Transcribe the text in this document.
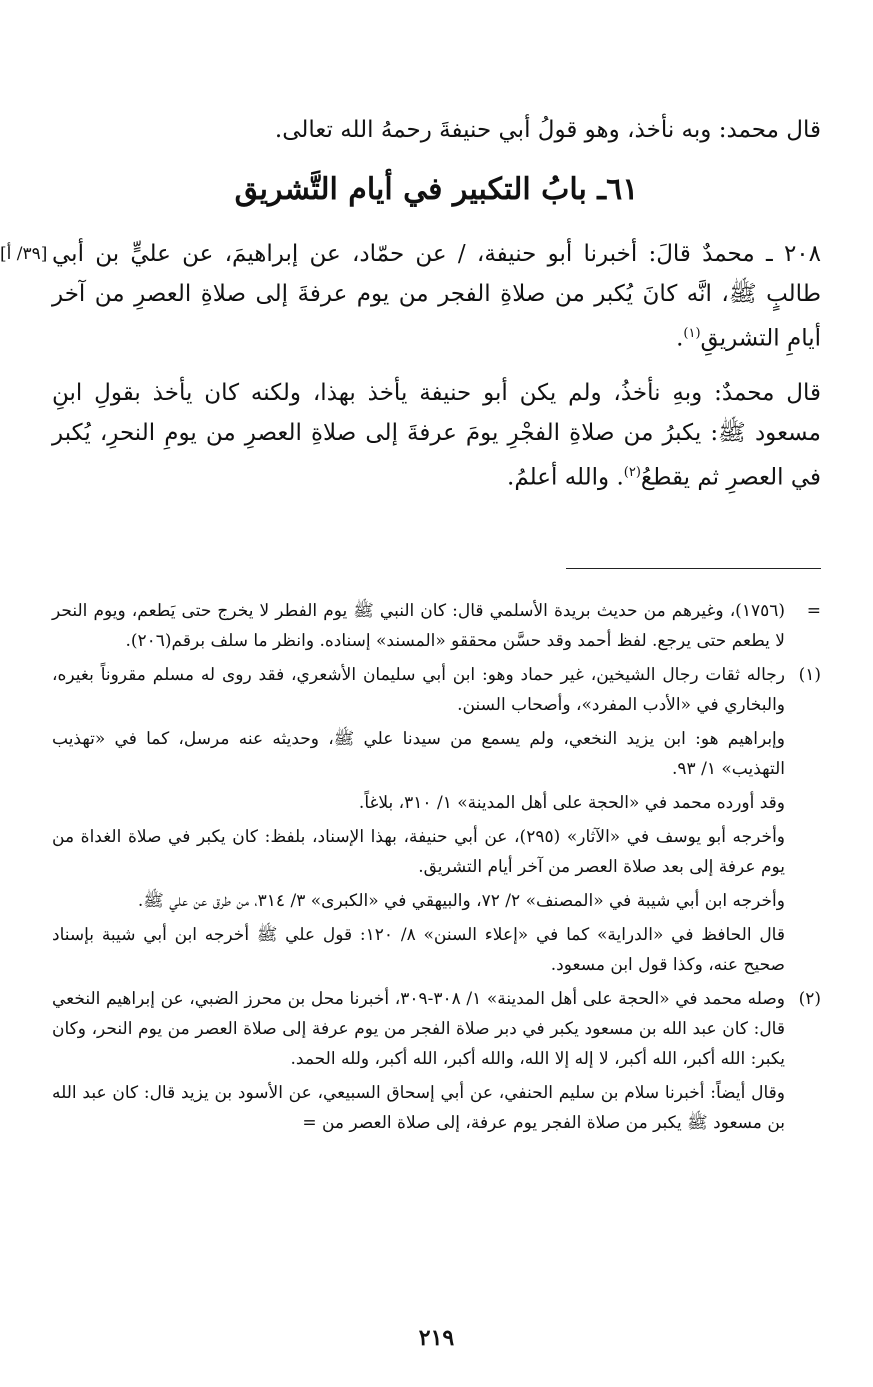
قال محمد: وبه نأخذ، وهو قولُ أبي حنيفةَ رحمهُ الله تعالى.

٦١ـ بابُ التكبير في أيام التَّشريق
[٣٩/ أ] ٢٠٨ ـ محمدٌ قالَ: أخبرنا أبو حنيفة، / عن حمّاد، عن إبراهيمَ، عن عليٍّ بن أبي طالبٍ ﷺ، انَّه كانَ يُكبر من صلاةِ الفجر من يوم عرفةَ إلى صلاةِ العصرِ من آخر أيامِ التشريقِ$^{(١)}$.

قال محمدٌ: وبهِ نأخذُ، ولم يكن أبو حنيفة يأخذ بهذا، ولكنه كان يأخذ بقولِ ابنِ مسعود ﷺ: يكبرُ من صلاةِ الفجْرِ يومَ عرفةَ إلى صلاةِ العصرِ من يومِ النحرِ، يُكبر في العصرِ ثم يقطعُ$^{(٢)}$. والله أعلمُ.

=
(١٧٥٦)، وغيرهم من حديث بريدة الأسلمي قال: كان النبي ﷺ يوم الفطر لا يخرج حتى يَطعم، ويوم النحر لا يطعم حتى يرجع. لفظ أحمد وقد حسَّن محققو «المسند» إسناده. وانظر ما سلف برقم(٢٠٦).
(١)
رجاله ثقات رجال الشيخين، غير حماد وهو: ابن أبي سليمان الأشعري، فقد روى له مسلم مقروناً بغيره، والبخاري في «الأدب المفرد»، وأصحاب السنن.

وإبراهيم هو: ابن يزيد النخعي، ولم يسمع من سيدنا علي ﷺ، وحديثه عنه مرسل، كما في «تهذيب التهذيب» ١/ ٩٣.

وقد أورده محمد في «الحجة على أهل المدينة» ١/ ٣١٠، بلاغاً.

وأخرجه أبو يوسف في «الآثار» (٢٩٥)، عن أبي حنيفة، بهذا الإسناد، بلفظ: كان يكبر في صلاة الغداة من يوم عرفة إلى بعد صلاة العصر من آخر أيام التشريق.

وأخرجه ابن أبي شيبة في «المصنف» ٢/ ٧٢، والبيهقي في «الكبرى» ٣/ ٣١٤، من طرق عن علي ﷺ.

قال الحافظ في «الدراية» كما في «إعلاء السنن» ٨/ ١٢٠: قول علي ﷺ أخرجه ابن أبي شيبة بإسناد صحيح عنه، وكذا قول ابن مسعود.

(٢)
وصله محمد في «الحجة على أهل المدينة» ١/ ٣٠٨-٣٠٩، أخبرنا محل بن محرز الضبي، عن إبراهيم النخعي قال: كان عبد الله بن مسعود يكبر في دبر صلاة الفجر من يوم عرفة إلى صلاة العصر من يوم النحر، وكان يكبر: الله أكبر، الله أكبر، لا إله إلا الله، والله أكبر، الله أكبر، ولله الحمد.

وقال أيضاً: أخبرنا سلام بن سليم الحنفي، عن أبي إسحاق السبيعي، عن الأسود بن يزيد قال: كان عبد الله بن مسعود ﷺ يكبر من صلاة الفجر يوم عرفة، إلى صلاة العصر من =

٢١٩
